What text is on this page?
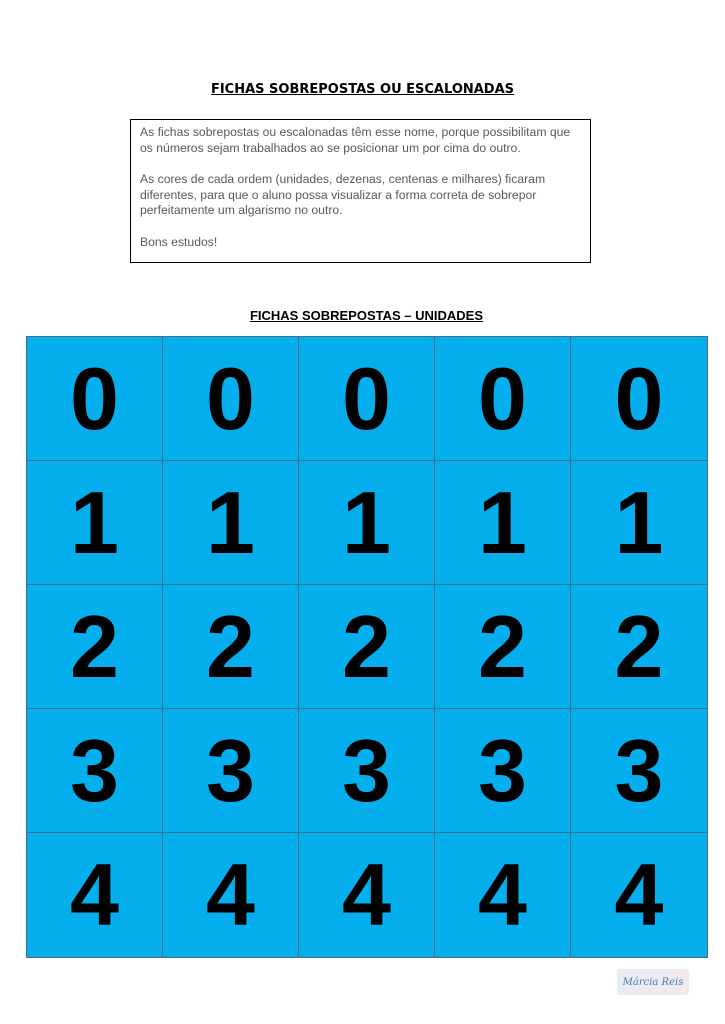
FICHAS SOBREPOSTAS OU ESCALONADAS

As fichas sobrepostas ou escalonadas têm esse nome, porque possibilitam que os números sejam trabalhados ao se posicionar um por cima do outro.

As cores de cada ordem (unidades, dezenas, centenas e milhares) ficaram diferentes, para que o aluno possa visualizar a forma correta de sobrepor perfeitamente um algarismo no outro.

Bons estudos!

FICHAS SOBREPOSTAS – UNIDADES
0 0 0 0 0
1 1 1 1 1
2 2 2 2 2
3 3 3 3 3
4 4 4 4 4
Márcia Reis
